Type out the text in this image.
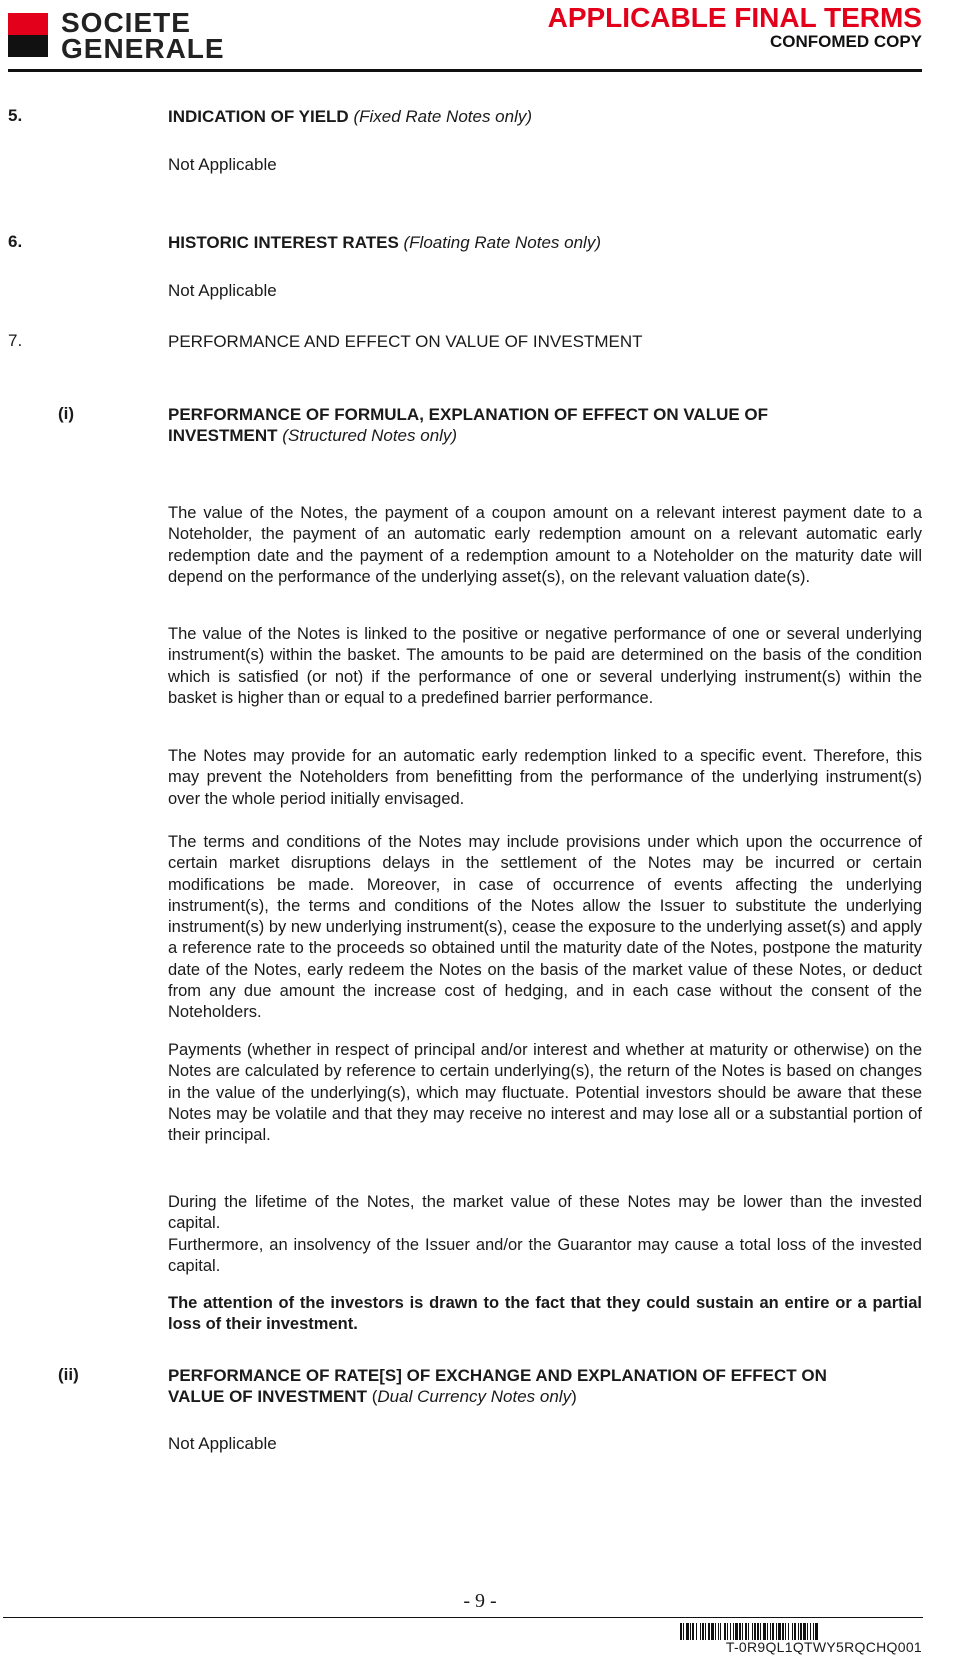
SOCIETE
GENERALE
APPLICABLE FINAL TERMS
CONFOMED COPY
5.	INDICATION OF YIELD (Fixed Rate Notes only)
Not Applicable
6.	HISTORIC INTEREST RATES (Floating Rate Notes only)
Not Applicable
7.	PERFORMANCE AND EFFECT ON VALUE OF INVESTMENT
(i)	PERFORMANCE OF FORMULA, EXPLANATION OF EFFECT ON VALUE OF
INVESTMENT (Structured Notes only)

The value of the Notes, the payment of a coupon amount on a relevant interest payment date to a Noteholder, the payment of an automatic early redemption amount on a relevant automatic early redemption date and the payment of a redemption amount to a Noteholder on the maturity date will depend on the performance of the underlying asset(s), on the relevant valuation date(s).

The value of the Notes is linked to the positive or negative performance of one or several underlying instrument(s) within the basket. The amounts to be paid are determined on the basis of the condition which is satisfied (or not) if the performance of one or several underlying instrument(s) within the basket is higher than or equal to a predefined barrier performance.

The Notes may provide for an automatic early redemption linked to a specific event. Therefore, this may prevent the Noteholders from benefitting from the performance of the underlying instrument(s) over the whole period initially envisaged.

The terms and conditions of the Notes may include provisions under which upon the occurrence of certain market disruptions delays in the settlement of the Notes may be incurred or certain modifications be made. Moreover, in case of occurrence of events affecting the underlying instrument(s), the terms and conditions of the Notes allow the Issuer to substitute the underlying instrument(s) by new underlying instrument(s), cease the exposure to the underlying asset(s) and apply a reference rate to the proceeds so obtained until the maturity date of the Notes, postpone the maturity date of the Notes, early redeem the Notes on the basis of the market value of these Notes, or deduct from any due amount the increase cost of hedging, and in each case without the consent of the Noteholders.

Payments (whether in respect of principal and/or interest and whether at maturity or otherwise) on the Notes are calculated by reference to certain underlying(s), the return of the Notes is based on changes in the value of the underlying(s), which may fluctuate. Potential investors should be aware that these Notes may be volatile and that they may receive no interest and may lose all or a substantial portion of their principal.

During the lifetime of the Notes, the market value of these Notes may be lower than the invested capital.

Furthermore, an insolvency of the Issuer and/or the Guarantor may cause a total loss of the invested capital.

The attention of the investors is drawn to the fact that they could sustain an entire or a partial loss of their investment.

(ii)	PERFORMANCE OF RATE[S] OF EXCHANGE AND EXPLANATION OF EFFECT ON
VALUE OF INVESTMENT (Dual Currency Notes only)
Not Applicable
- 9 -
T-0R9QL1QTWY5RQCHQ001
